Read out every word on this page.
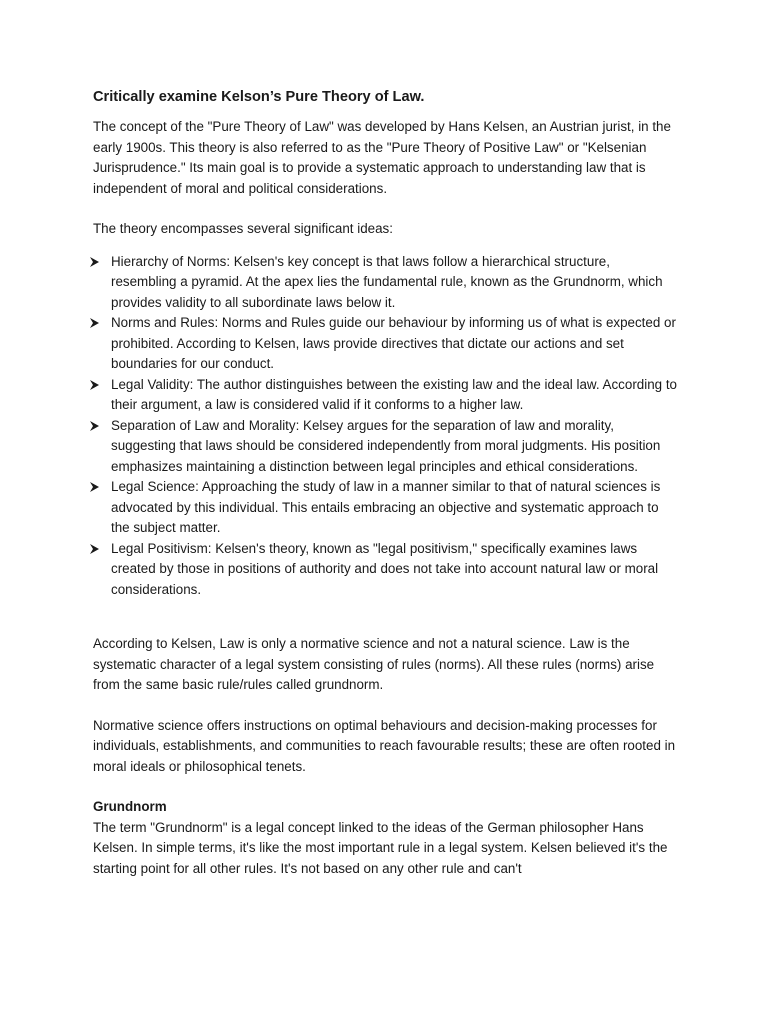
Critically examine Kelson’s Pure Theory of Law.

The concept of the "Pure Theory of Law" was developed by Hans Kelsen, an Austrian jurist, in the early 1900s. This theory is also referred to as the "Pure Theory of Positive Law" or "Kelsenian Jurisprudence." Its main goal is to provide a systematic approach to understanding law that is independent of moral and political considerations.

The theory encompasses several significant ideas:

Hierarchy of Norms: Kelsen's key concept is that laws follow a hierarchical structure, resembling a pyramid. At the apex lies the fundamental rule, known as the Grundnorm, which provides validity to all subordinate laws below it.
Norms and Rules: Norms and Rules guide our behaviour by informing us of what is expected or prohibited. According to Kelsen, laws provide directives that dictate our actions and set boundaries for our conduct.
Legal Validity: The author distinguishes between the existing law and the ideal law. According to their argument, a law is considered valid if it conforms to a higher law.
Separation of Law and Morality: Kelsey argues for the separation of law and morality, suggesting that laws should be considered independently from moral judgments. His position emphasizes maintaining a distinction between legal principles and ethical considerations.
Legal Science: Approaching the study of law in a manner similar to that of natural sciences is advocated by this individual. This entails embracing an objective and systematic approach to the subject matter.
Legal Positivism: Kelsen's theory, known as "legal positivism," specifically examines laws created by those in positions of authority and does not take into account natural law or moral considerations.

According to Kelsen, Law is only a normative science and not a natural science. Law is the systematic character of a legal system consisting of rules (norms). All these rules (norms) arise from the same basic rule/rules called grundnorm.

Normative science offers instructions on optimal behaviours and decision-making processes for individuals, establishments, and communities to reach favourable results; these are often rooted in moral ideals or philosophical tenets.

Grundnorm

The term "Grundnorm" is a legal concept linked to the ideas of the German philosopher Hans Kelsen. In simple terms, it's like the most important rule in a legal system. Kelsen believed it's the starting point for all other rules. It's not based on any other rule and can't
